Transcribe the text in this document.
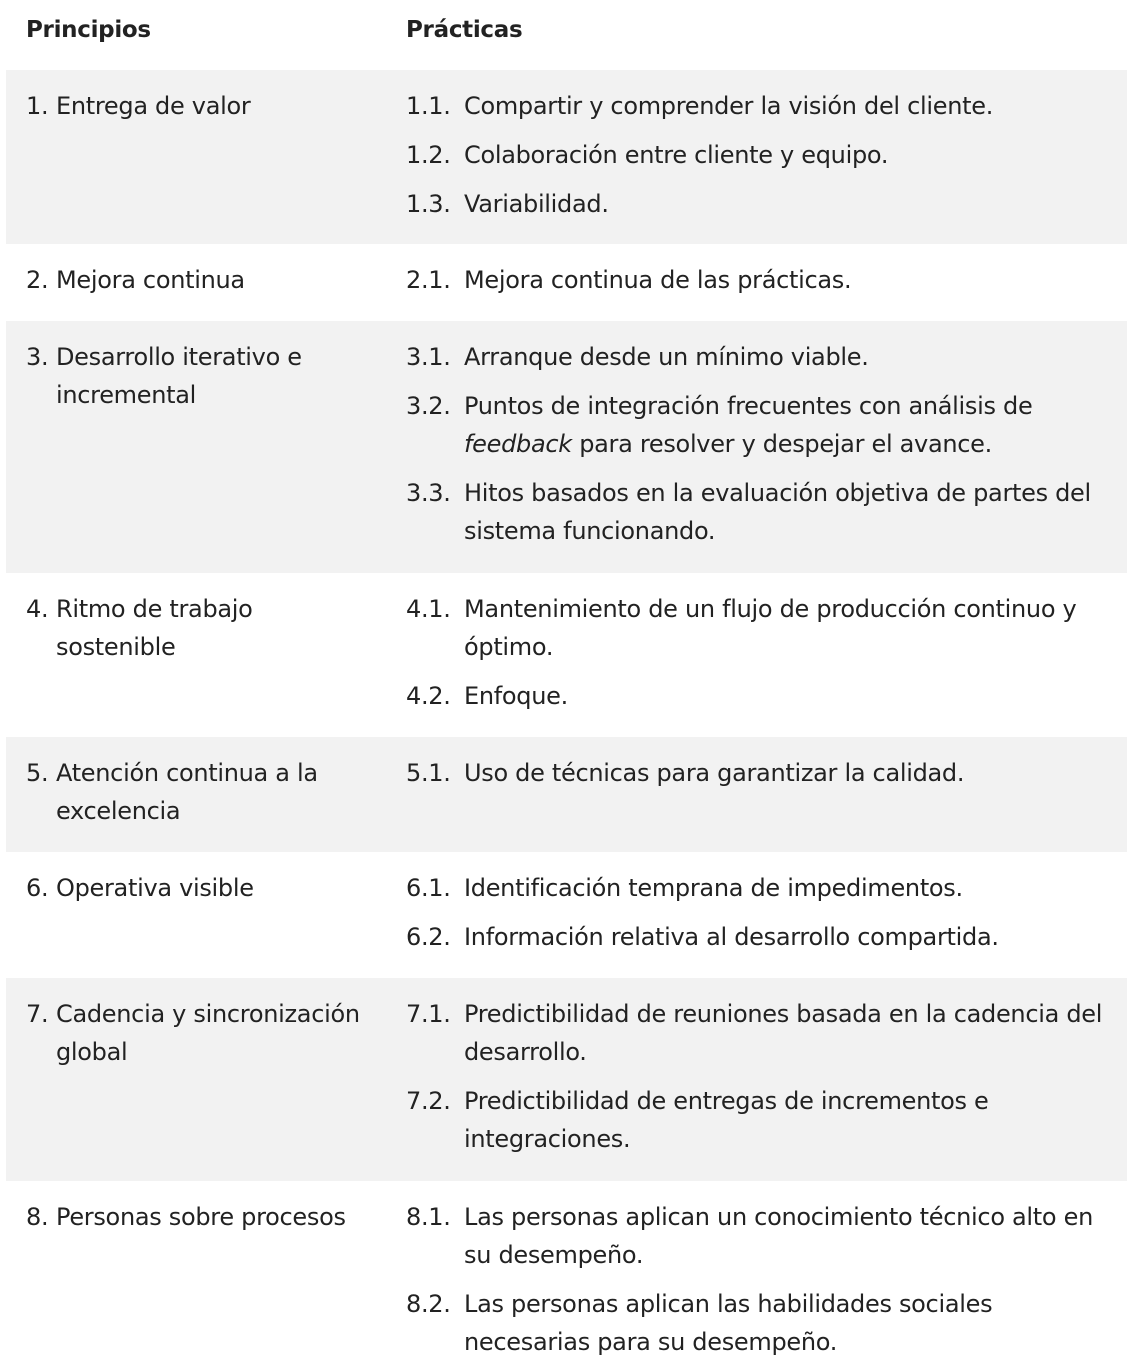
Principios	Prácticas
1. Entrega de valor	1.1. Compartir y comprender la visión del cliente.
1.2. Colaboración entre cliente y equipo.
1.3. Variabilidad.
2. Mejora continua	2.1. Mejora continua de las prácticas.
3. Desarrollo iterativo e incremental
3.1. Arranque desde un mínimo viable.
3.2. Puntos de integración frecuentes con análisis de feedback para resolver y despejar el avance.
3.3. Hitos basados en la evaluación objetiva de partes del sistema funcionando.
4. Ritmo de trabajo sostenible
4.1. Mantenimiento de un flujo de producción continuo y óptimo.
4.2. Enfoque.
5. Atención continua a la excelencia
5.1. Uso de técnicas para garantizar la calidad.
6. Operativa visible	6.1. Identificación temprana de impedimentos.
6.2. Información relativa al desarrollo compartida.
7. Cadencia y sincronización global
7.1. Predictibilidad de reuniones basada en la cadencia del desarrollo.
7.2. Predictibilidad de entregas de incrementos e integraciones.
8. Personas sobre procesos	8.1. Las personas aplican un conocimiento técnico alto en su desempeño.
8.2. Las personas aplican las habilidades sociales necesarias para su desempeño.
